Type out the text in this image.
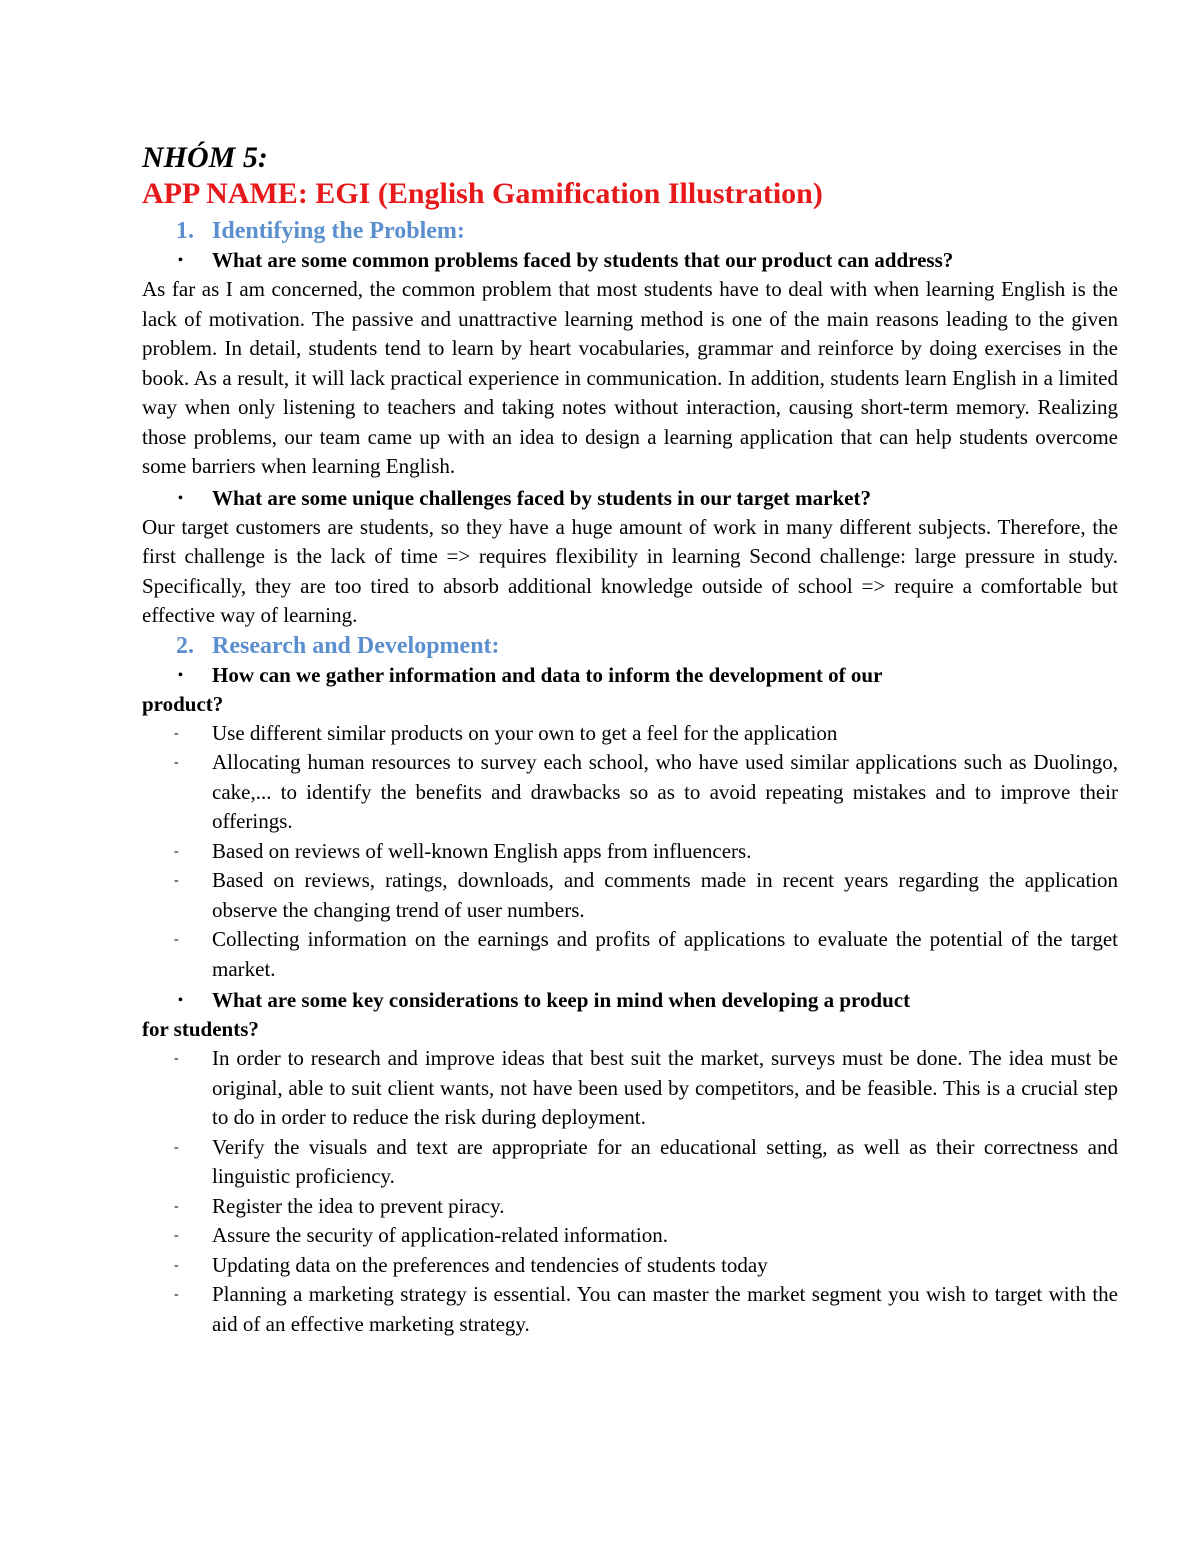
NHÓM 5:

APP NAME: EGI (English Gamification Illustration)

1. Identifying the Problem:
•	What are some common problems faced by students that our product can address?

As far as I am concerned, the common problem that most students have to deal with when learning English is the lack of motivation. The passive and unattractive learning method is one of the main reasons leading to the given problem. In detail, students tend to learn by heart vocabularies, grammar and reinforce by doing exercises in the book. As a result, it will lack practical experience in communication. In addition, students learn English in a limited way when only listening to teachers and taking notes without interaction, causing short-term memory. Realizing those problems, our team came up with an idea to design a learning application that can help students overcome some barriers when learning English.

•	What are some unique challenges faced by students in our target market?

Our target customers are students, so they have a huge amount of work in many different subjects. Therefore, the first challenge is the lack of time => requires flexibility in learning Second challenge: large pressure in study. Specifically, they are too tired to absorb additional knowledge outside of school => require a comfortable but effective way of learning.

2. Research and Development:
•	How can we gather information and data to inform the development of our
product?
-	Use different similar products on your own to get a feel for the application
-	Allocating human resources to survey each school, who have used similar applications such as Duolingo, cake,... to identify the benefits and drawbacks so as to avoid repeating mistakes and to improve their offerings.
-	Based on reviews of well-known English apps from influencers.
-	Based on reviews, ratings, downloads, and comments made in recent years regarding the application observe the changing trend of user numbers.
-	Collecting information on the earnings and profits of applications to evaluate the potential of the target market.
•	What are some key considerations to keep in mind when developing a product
for students?
-	In order to research and improve ideas that best suit the market, surveys must be done. The idea must be original, able to suit client wants, not have been used by competitors, and be feasible. This is a crucial step to do in order to reduce the risk during deployment.
-	Verify the visuals and text are appropriate for an educational setting, as well as their correctness and linguistic proficiency.
-	Register the idea to prevent piracy.
-	Assure the security of application-related information.
-	Updating data on the preferences and tendencies of students today
-	Planning a marketing strategy is essential. You can master the market segment you wish to target with the aid of an effective marketing strategy.
